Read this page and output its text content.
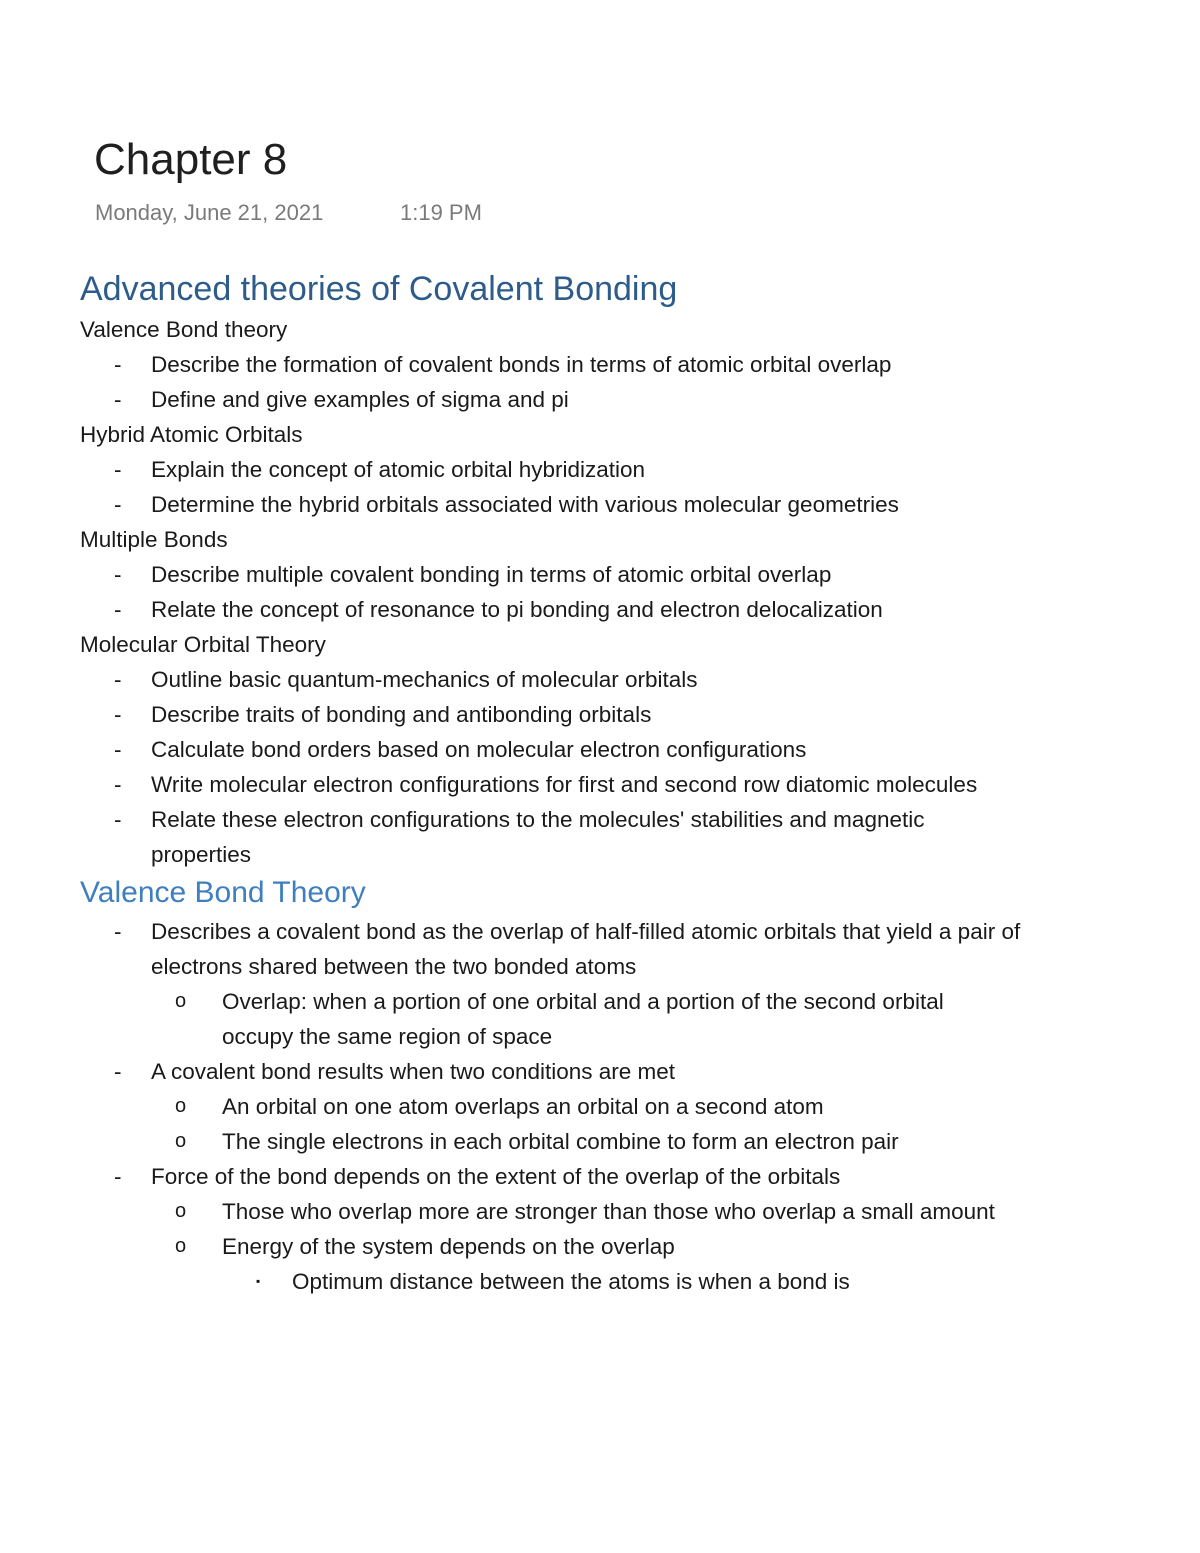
Chapter 8
Monday, June 21, 2021	1:19 PM
Advanced theories of Covalent Bonding
Valence Bond theory
- Describe the formation of covalent bonds in terms of atomic orbital overlap
- Define and give examples of sigma and pi
Hybrid Atomic Orbitals
- Explain the concept of atomic orbital hybridization
- Determine the hybrid orbitals associated with various molecular geometries
Multiple Bonds
- Describe multiple covalent bonding in terms of atomic orbital overlap
- Relate the concept of resonance to pi bonding and electron delocalization
Molecular Orbital Theory
- Outline basic quantum-mechanics of molecular orbitals
- Describe traits of bonding and antibonding orbitals
- Calculate bond orders based on molecular electron configurations
- Write molecular electron configurations for first and second row diatomic molecules
- Relate these electron configurations to the molecules' stabilities and magnetic properties
Valence Bond Theory
- Describes a covalent bond as the overlap of half-filled atomic orbitals that yield a pair of electrons shared between the two bonded atoms
o Overlap: when a portion of one orbital and a portion of the second orbital occupy the same region of space
- A covalent bond results when two conditions are met
o An orbital on one atom overlaps an orbital on a second atom
o The single electrons in each orbital combine to form an electron pair
- Force of the bond depends on the extent of the overlap of the orbitals
o Those who overlap more are stronger than those who overlap a small amount
o Energy of the system depends on the overlap
▪ Optimum distance between the atoms is when a bond is
